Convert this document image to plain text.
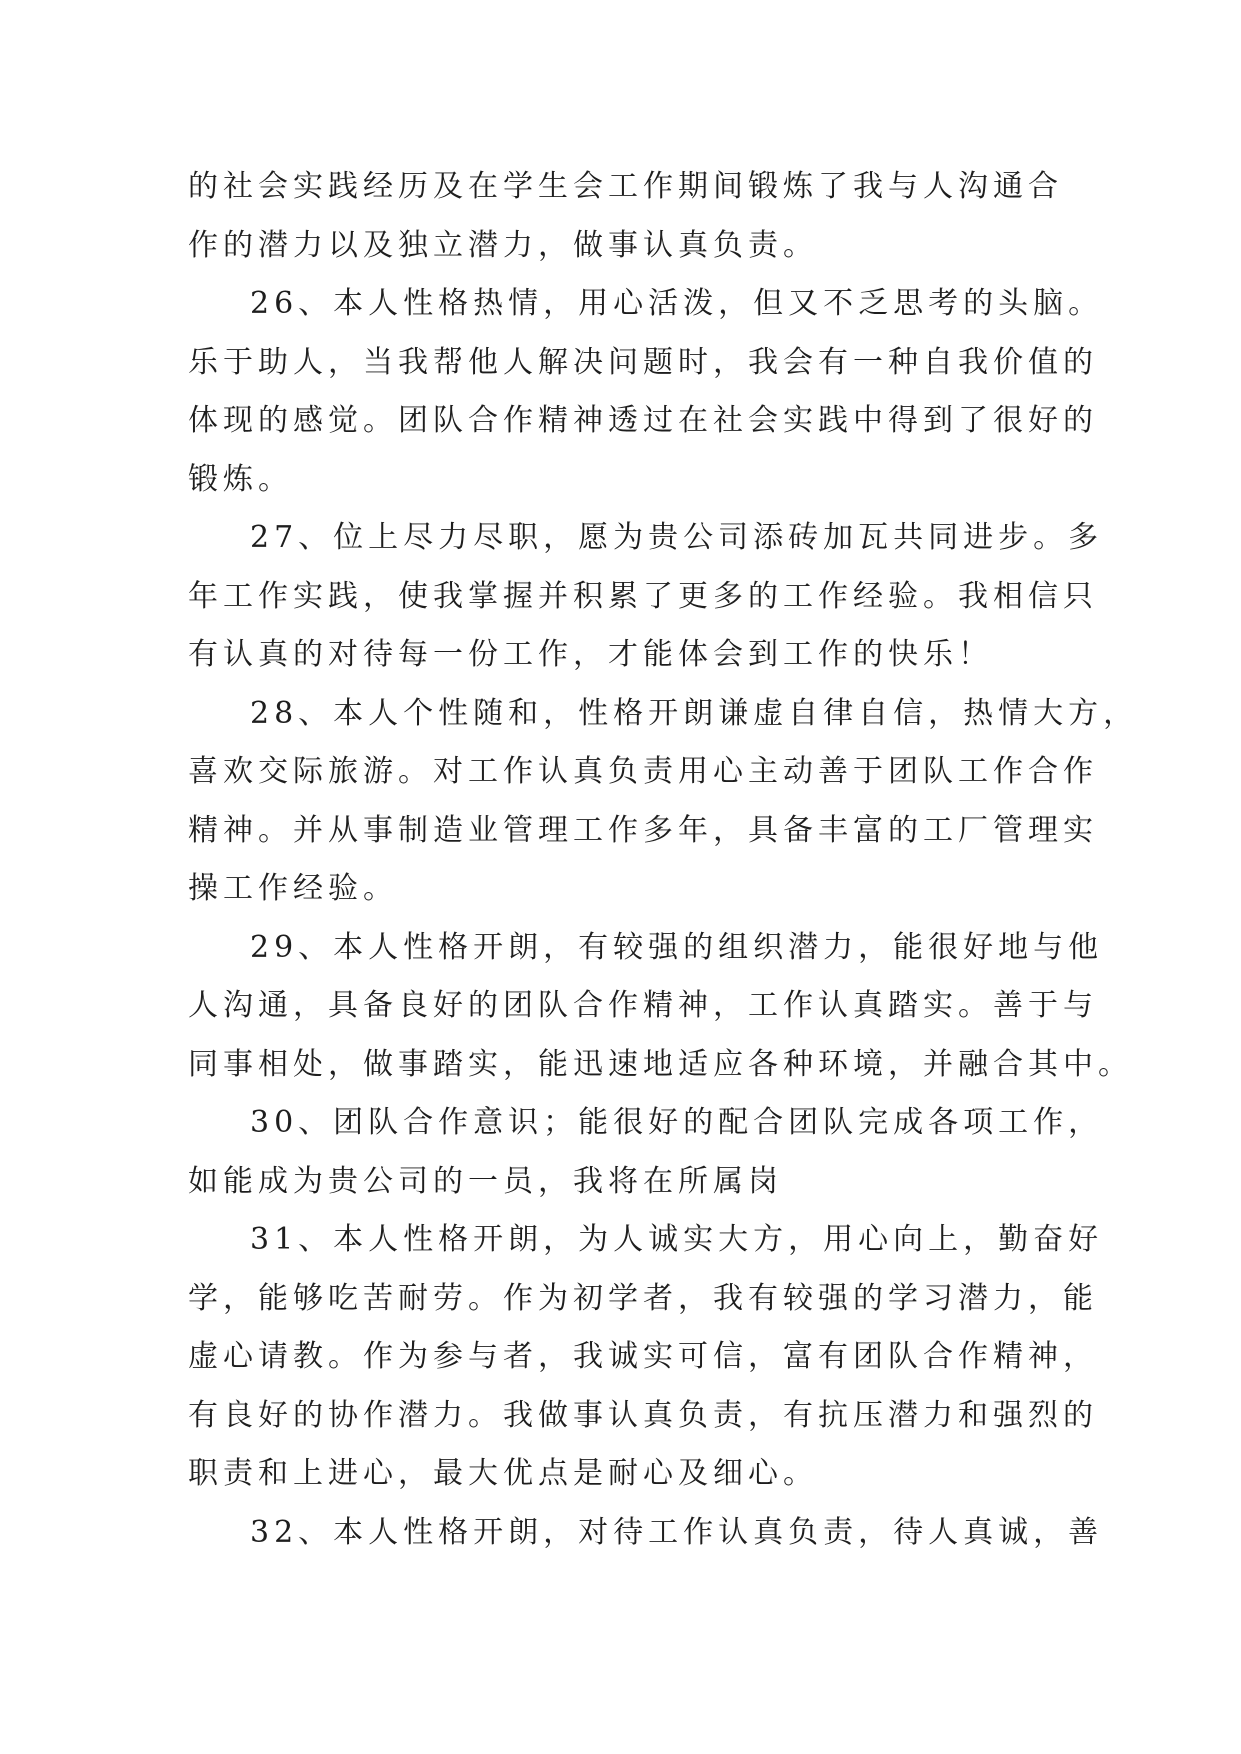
的社会实践经历及在学生会工作期间锻炼了我与人沟通合
作的潜力以及独立潜力，做事认真负责。
26、本人性格热情，用心活泼，但又不乏思考的头脑。
乐于助人，当我帮他人解决问题时，我会有一种自我价值的
体现的感觉。团队合作精神透过在社会实践中得到了很好的
锻炼。
27、位上尽力尽职，愿为贵公司添砖加瓦共同进步。多
年工作实践，使我掌握并积累了更多的工作经验。我相信只
有认真的对待每一份工作，才能体会到工作的快乐！
28、本人个性随和，性格开朗谦虚自律自信，热情大方，
喜欢交际旅游。对工作认真负责用心主动善于团队工作合作
精神。并从事制造业管理工作多年，具备丰富的工厂管理实
操工作经验。
29、本人性格开朗，有较强的组织潜力，能很好地与他
人沟通，具备良好的团队合作精神，工作认真踏实。善于与
同事相处，做事踏实，能迅速地适应各种环境，并融合其中。
30、团队合作意识；能很好的配合团队完成各项工作，
如能成为贵公司的一员，我将在所属岗
31、本人性格开朗，为人诚实大方，用心向上，勤奋好
学，能够吃苦耐劳。作为初学者，我有较强的学习潜力，能
虚心请教。作为参与者，我诚实可信，富有团队合作精神，
有良好的协作潜力。我做事认真负责，有抗压潜力和强烈的
职责和上进心，最大优点是耐心及细心。
32、本人性格开朗，对待工作认真负责，待人真诚，善
